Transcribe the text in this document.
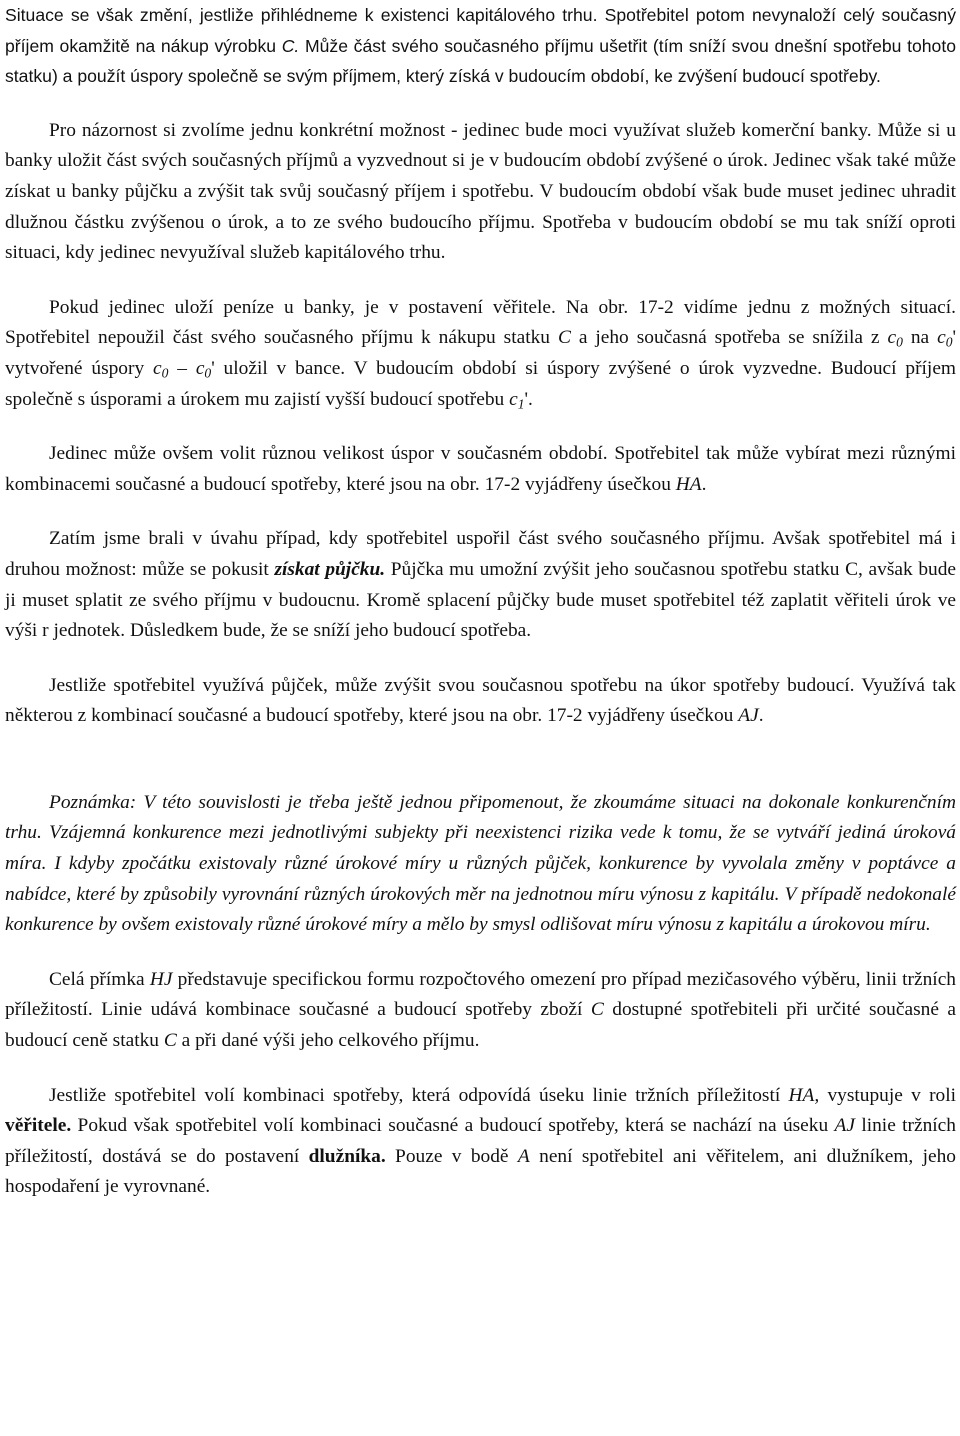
Situace se však změní, jestliže přihlédneme k existenci kapitálového trhu. Spotřebitel potom nevynaloží celý současný příjem okamžitě na nákup výrobku C. Může část svého současného příjmu ušetřit (tím sníží svou dnešní spotřebu tohoto statku) a použít úspory společně se svým příjmem, který získá v budoucím období, ke zvýšení budoucí spotřeby.

Pro názornost si zvolíme jednu konkrétní možnost - jedinec bude moci využívat služeb komerční banky. Může si u banky uložit část svých současných příjmů a vyzvednout si je v budoucím období zvýšené o úrok. Jedinec však také může získat u banky půjčku a zvýšit tak svůj současný příjem i spotřebu. V budoucím období však bude muset jedinec uhradit dlužnou částku zvýšenou o úrok, a to ze svého budoucího příjmu. Spotřeba v budoucím období se mu tak sníží oproti situaci, kdy jedinec nevyužíval služeb kapitálového trhu.

Pokud jedinec uloží peníze u banky, je v postavení věřitele. Na obr. 17-2 vidíme jednu z možných situací. Spotřebitel nepoužil část svého současného příjmu k nákupu statku C a jeho současná spotřeba se snížila z $c_0$ na $c_0'$ vytvořené úspory $c_0 - c_0'$ uložil v bance. V budoucím období si úspory zvýšené o úrok vyzvedne. Budoucí příjem společně s úsporami a úrokem mu zajistí vyšší budoucí spotřebu $c_1'$.

Jedinec může ovšem volit různou velikost úspor v současném období. Spotřebitel tak může vybírat mezi různými kombinacemi současné a budoucí spotřeby, které jsou na obr. 17-2 vyjádřeny úsečkou HA.

Zatím jsme brali v úvahu případ, kdy spotřebitel uspořil část svého současného příjmu. Avšak spotřebitel má i druhou možnost: může se pokusit získat půjčku. Půjčka mu umožní zvýšit jeho současnou spotřebu statku C, avšak bude ji muset splatit ze svého příjmu v budoucnu. Kromě splacení půjčky bude muset spotřebitel též zaplatit věřiteli úrok ve výši r jednotek. Důsledkem bude, že se sníží jeho budoucí spotřeba.

Jestliže spotřebitel využívá půjček, může zvýšit svou současnou spotřebu na úkor spotřeby budoucí. Využívá tak některou z kombinací současné a budoucí spotřeby, které jsou na obr. 17-2 vyjádřeny úsečkou AJ.

Poznámka: V této souvislosti je třeba ještě jednou připomenout, že zkoumáme situaci na dokonale konkurenčním trhu. Vzájemná konkurence mezi jednotlivými subjekty při neexistenci rizika vede k tomu, že se vytváří jediná úroková míra. I kdyby zpočátku existovaly různé úrokové míry u různých půjček, konkurence by vyvolala změny v poptávce a nabídce, které by způsobily vyrovnání různých úrokových měr na jednotnou míru výnosu z kapitálu. V případě nedokonalé konkurence by ovšem existovaly různé úrokové míry a mělo by smysl odlišovat míru výnosu z kapitálu a úrokovou míru.

Celá přímka HJ představuje specifickou formu rozpočtového omezení pro případ mezičasového výběru, linii tržních příležitostí. Linie udává kombinace současné a budoucí spotřeby zboží C dostupné spotřebiteli při určité současné a budoucí ceně statku C a při dané výši jeho celkového příjmu.

Jestliže spotřebitel volí kombinaci spotřeby, která odpovídá úseku linie tržních příležitostí HA, vystupuje v roli věřitele. Pokud však spotřebitel volí kombinaci současné a budoucí spotřeby, která se nachází na úseku AJ linie tržních příležitostí, dostává se do postavení dlužníka. Pouze v bodě A není spotřebitel ani věřitelem, ani dlužníkem, jeho hospodaření je vyrovnané.
